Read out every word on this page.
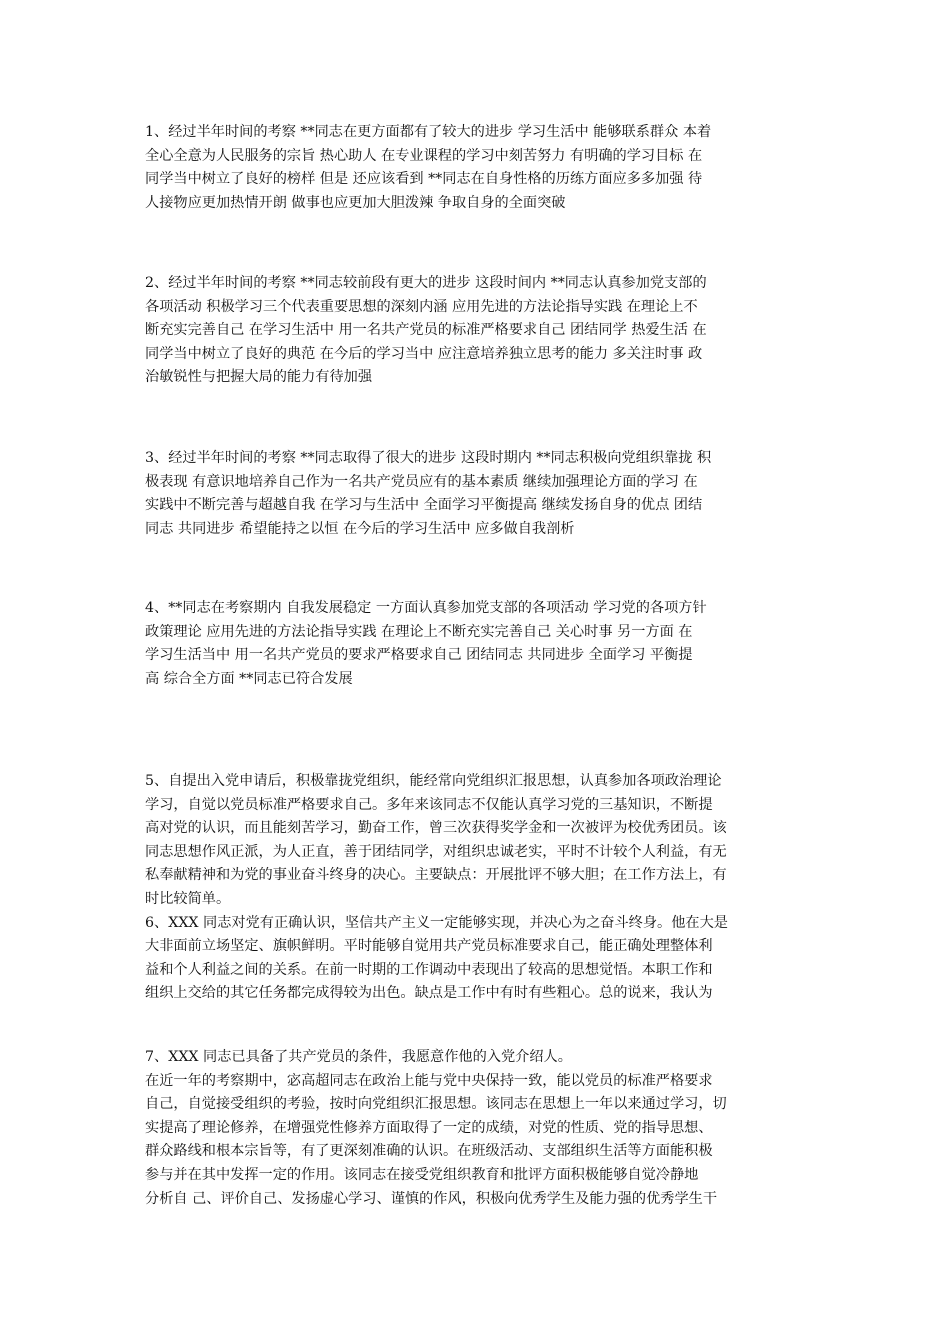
1、经过半年时间的考察 **同志在更方面都有了较大的进步 学习生活中 能够联系群众 本着
全心全意为人民服务的宗旨 热心助人 在专业课程的学习中刻苦努力 有明确的学习目标 在
同学当中树立了良好的榜样 但是 还应该看到 **同志在自身性格的历练方面应多多加强 待
人接物应更加热情开朗 做事也应更加大胆泼辣 争取自身的全面突破
2、经过半年时间的考察 **同志较前段有更大的进步 这段时间内 **同志认真参加党支部的
各项活动 积极学习三个代表重要思想的深刻内涵 应用先进的方法论指导实践 在理论上不
断充实完善自己 在学习生活中 用一名共产党员的标准严格要求自己 团结同学 热爱生活 在
同学当中树立了良好的典范 在今后的学习当中 应注意培养独立思考的能力 多关注时事 政
治敏锐性与把握大局的能力有待加强
3、经过半年时间的考察 **同志取得了很大的进步 这段时期内 **同志积极向党组织靠拢 积
极表现 有意识地培养自己作为一名共产党员应有的基本素质 继续加强理论方面的学习 在
实践中不断完善与超越自我 在学习与生活中 全面学习平衡提高 继续发扬自身的优点 团结
同志 共同进步 希望能持之以恒 在今后的学习生活中 应多做自我剖析
4、**同志在考察期内 自我发展稳定 一方面认真参加党支部的各项活动 学习党的各项方针
政策理论 应用先进的方法论指导实践 在理论上不断充实完善自己 关心时事 另一方面 在
学习生活当中 用一名共产党员的要求严格要求自己 团结同志 共同进步 全面学习 平衡提
高 综合全方面 **同志已符合发展
5、自提出入党申请后，积极靠拢党组织，能经常向党组织汇报思想，认真参加各项政治理论
学习，自觉以党员标准严格要求自己。多年来该同志不仅能认真学习党的三基知识，不断提
高对党的认识，而且能刻苦学习，勤奋工作，曾三次获得奖学金和一次被评为校优秀团员。该
同志思想作风正派，为人正直，善于团结同学，对组织忠诚老实，平时不计较个人利益，有无
私奉献精神和为党的事业奋斗终身的决心。主要缺点：开展批评不够大胆；在工作方法上，有
时比较简单。
6、XXX 同志对党有正确认识，坚信共产主义一定能够实现，并决心为之奋斗终身。他在大是
大非面前立场坚定、旗帜鲜明。平时能够自觉用共产党员标准要求自己，能正确处理整体利
益和个人利益之间的关系。在前一时期的工作调动中表现出了较高的思想觉悟。本职工作和
组织上交给的其它任务都完成得较为出色。缺点是工作中有时有些粗心。总的说来，我认为
7、XXX 同志已具备了共产党员的条件，我愿意作他的入党介绍人。
在近一年的考察期中，宓高超同志在政治上能与党中央保持一致，能以党员的标准严格要求
自己，自觉接受组织的考验，按时向党组织汇报思想。该同志在思想上一年以来通过学习，切
实提高了理论修养，在增强党性修养方面取得了一定的成绩，对党的性质、党的指导思想、
群众路线和根本宗旨等，有了更深刻准确的认识。在班级活动、支部组织生活等方面能积极
参与并在其中发挥一定的作用。该同志在接受党组织教育和批评方面积极能够自觉冷静地
分析自 己、评价自己、发扬虚心学习、谨慎的作风，积极向优秀学生及能力强的优秀学生干
